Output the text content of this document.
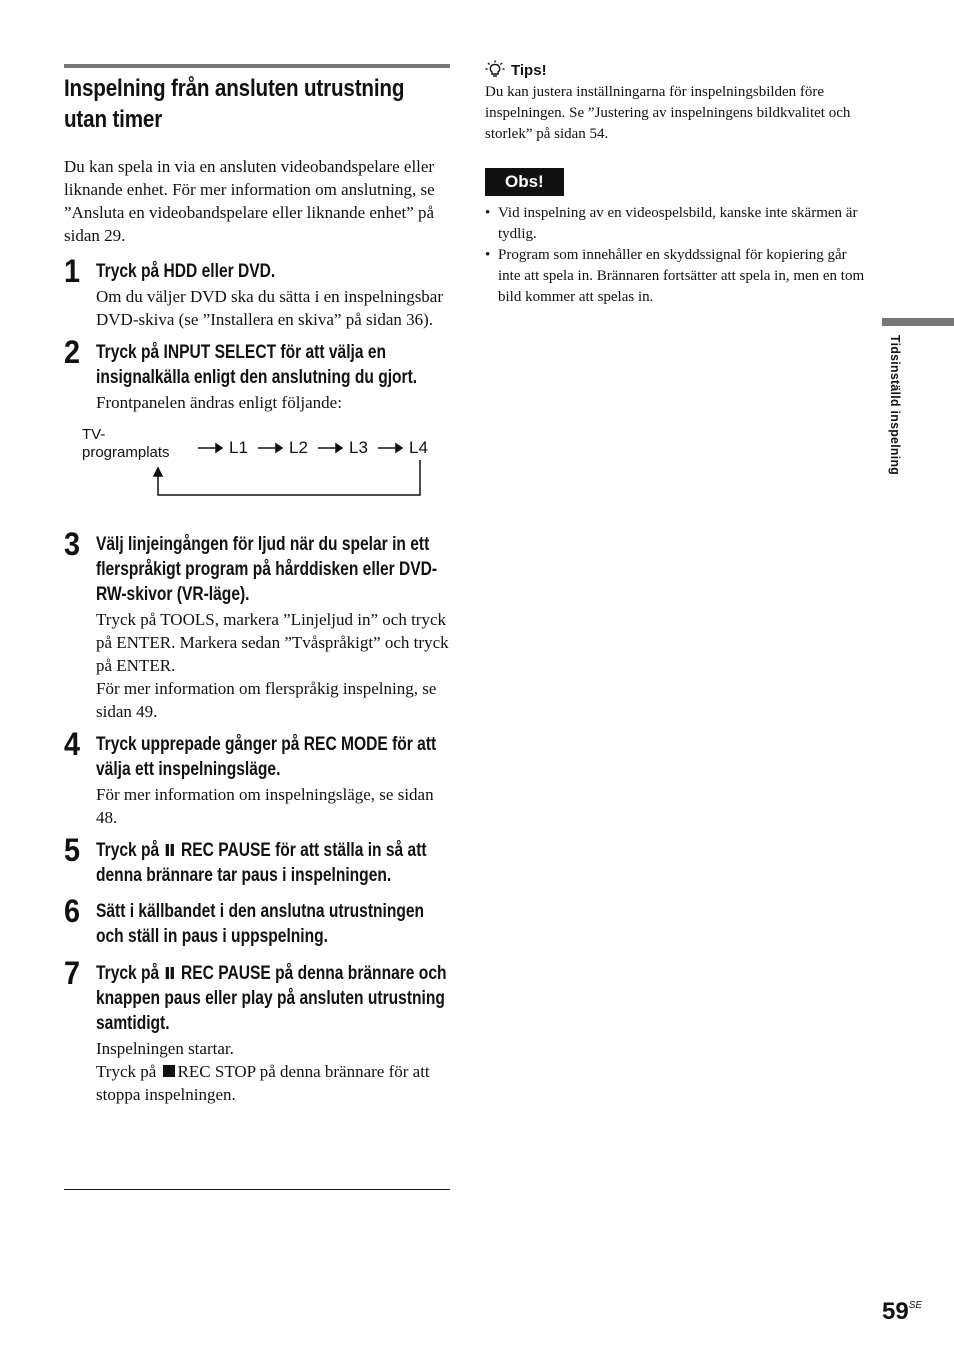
Inspelning från ansluten utrustning utan timer

Du kan spela in via en ansluten videobandspelare eller liknande enhet. För mer information om anslutning, se ”Ansluta en videobandspelare eller liknande enhet” på sidan 29.

1 Tryck på HDD eller DVD.

Om du väljer DVD ska du sätta i en inspelningsbar DVD-skiva (se ”Installera en skiva” på sidan 36).

2 Tryck på INPUT SELECT för att välja en insignalkälla enligt den anslutning du gjort.

Frontpanelen ändras enligt följande:

TV-
programplats	L1 L2 L3 L4
3 Välj linjeingången för ljud när du spelar in ett flerspråkigt program på hårddisken eller DVD-RW-skivor (VR-läge).

Tryck på TOOLS, markera ”Linjeljud in” och tryck på ENTER. Markera sedan ”Tvåspråkigt” och tryck på ENTER.

För mer information om flerspråkig inspelning, se sidan 49.

4 Tryck upprepade gånger på REC MODE för att välja ett inspelningsläge.

För mer information om inspelningsläge, se sidan 48.

5 Tryck på REC PAUSE för att ställa in så att denna brännare tar paus i inspelningen.

6 Sätt i källbandet i den anslutna utrustningen och ställ in paus i uppspelning.

7 Tryck på REC PAUSE på denna brännare och knappen paus eller play på ansluten utrustning samtidigt.

Inspelningen startar.

Tryck på REC STOP på denna brännare för att stoppa inspelningen.

Tips!

Du kan justera inställningarna för inspelningsbilden före inspelningen. Se ”Justering av inspelningens bildkvalitet och storlek” på sidan 54.

Obs!
• Vid inspelning av en videospelsbild, kanske inte skärmen är tydlig.
• Program som innehåller en skyddssignal för kopiering går inte att spela in. Brännaren fortsätter att spela in, men en tom bild kommer att spelas in.
Tidsinställd inspelning
$59^{SE}$
